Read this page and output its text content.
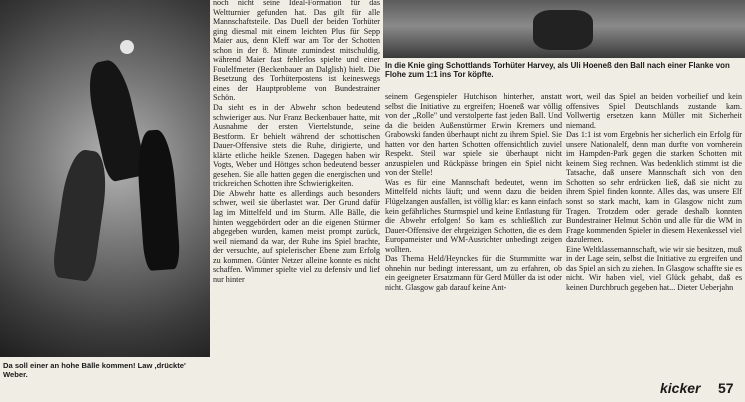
Da soll einer an hohe Bälle kommen! Law ‚drückte' Weber.
In die Knie ging Schottlands Torhüter Harvey, als Uli Hoeneß den Ball nach einer Flanke von Flohe zum 1:1 ins Tor köpfte.
noch nicht seine Ideal-Formation für das Weltturnier gefunden hat. Das gilt für alle Mannschaftsteile. Das Duell der beiden Torhüter ging diesmal mit einem leichten Plus für Sepp Maier aus, denn Kleff war am Tor der Schotten schon in der 8. Minute zumindest mitschuldig, während Maier fast fehlerlos spielte und einer Foulelfmeter (Beckenbauer an Dalglish) hielt. Die Besetzung des Torhüterpostens ist keineswegs eines der Hauptprobleme von Bundestrainer Schön.
Da sieht es in der Abwehr schon bedeutend schwieriger aus. Nur Franz Beckenbauer hatte, mit Ausnahme der ersten Viertelstunde, seine Bestform. Er behielt während der schottischen Dauer-Offensive stets die Ruhe, dirigierte, und klärte etliche heikle Szenen. Dagegen haben wir Vogts, Weber und Höttges schon bedeutend besser gesehen. Sie alle hatten gegen die energischen und trickreichen Schotten ihre Schwierigkeiten.
Die Abwehr hatte es allerdings auch besonders schwer, weil sie überlastet war. Der Grund dafür lag im Mittelfeld und im Sturm. Alle Bälle, die hinten weggebördert oder an die eigenen Stürmer abgegeben wurden, kamen meist prompt zurück, weil niemand da war, der Ruhe ins Spiel brachte, der versuchte, auf spielerischer Ebene zum Erfolg zu kommen. Günter Netzer alleine konnte es nicht schaffen. Wimmer spielte viel zu defensiv und lief nur hinter
seinem Gegenspieler Hutchison hinterher, anstatt selbst die Initiative zu ergreifen; Hoeneß war völlig von der „Rolle" und verstolperte fast jeden Ball. Und da die beiden Außenstürmer Erwin Kremers und Grabowski fanden überhaupt nicht zu ihrem Spiel. Sie hatten vor den harten Schotten offensichtlich zuviel Respekt. Steil war spiele sie überhaupt nicht anzuspielen und Rückpässe bringen ein Spiel nicht von der Stelle!
Was es für eine Mannschaft bedeutet, wenn im Mittelfeld nichts läuft; und wenn dazu die beiden Flügelzangen ausfallen, ist völlig klar: es kann einfach kein gefährliches Sturmspiel und keine Entlastung für die Abwehr erfolgen! So kam es schließlich zur Dauer-Offensive der ehrgeizigen Schotten, die es dem Europameister und WM-Ausrichter unbedingt zeigen wollten.
Das Thema Held/Heynckes für die Sturmmitte war ohnehin nur bedingt interessant, um zu erfahren, ob ein geeigneter Ersatzmann für Gerd Müller da ist oder nicht. Glasgow gab darauf keine Ant-
wort, weil das Spiel an beiden vorbeilief und kein offensives Spiel Deutschlands zustande kam. Vollwertig ersetzen kann Müller mit Sicherheit niemand.
Das 1:1 ist vom Ergebnis her sicherlich ein Erfolg für unsere Nationalelf, denn man durfte von vornherein im Hampden-Park gegen die starken Schotten mit keinem Sieg rechnen. Was bedenklich stimmt ist die Tatsache, daß unsere Mannschaft sich von den Schotten so sehr erdrücken ließ, daß sie nicht zu ihrem Spiel finden konnte. Alles das, was unsere Elf sonst so stark macht, kam in Glasgow nicht zum Tragen. Trotzdem oder gerade deshalb konnten Bundestrainer Helmut Schön und alle für die WM in Frage kommenden Spieler in diesem Hexenkessel viel dazulernen.
Eine Weltklassemannschaft, wie wir sie besitzen, muß in der Lage sein, selbst die Initiative zu ergreifen und das Spiel an sich zu ziehen. In Glasgow schaffte sie es nicht. Wir haben viel, viel Glück gehabt, daß es keinen Durchbruch gegeben hat... Dieter Ueberjahn
kicker 57
